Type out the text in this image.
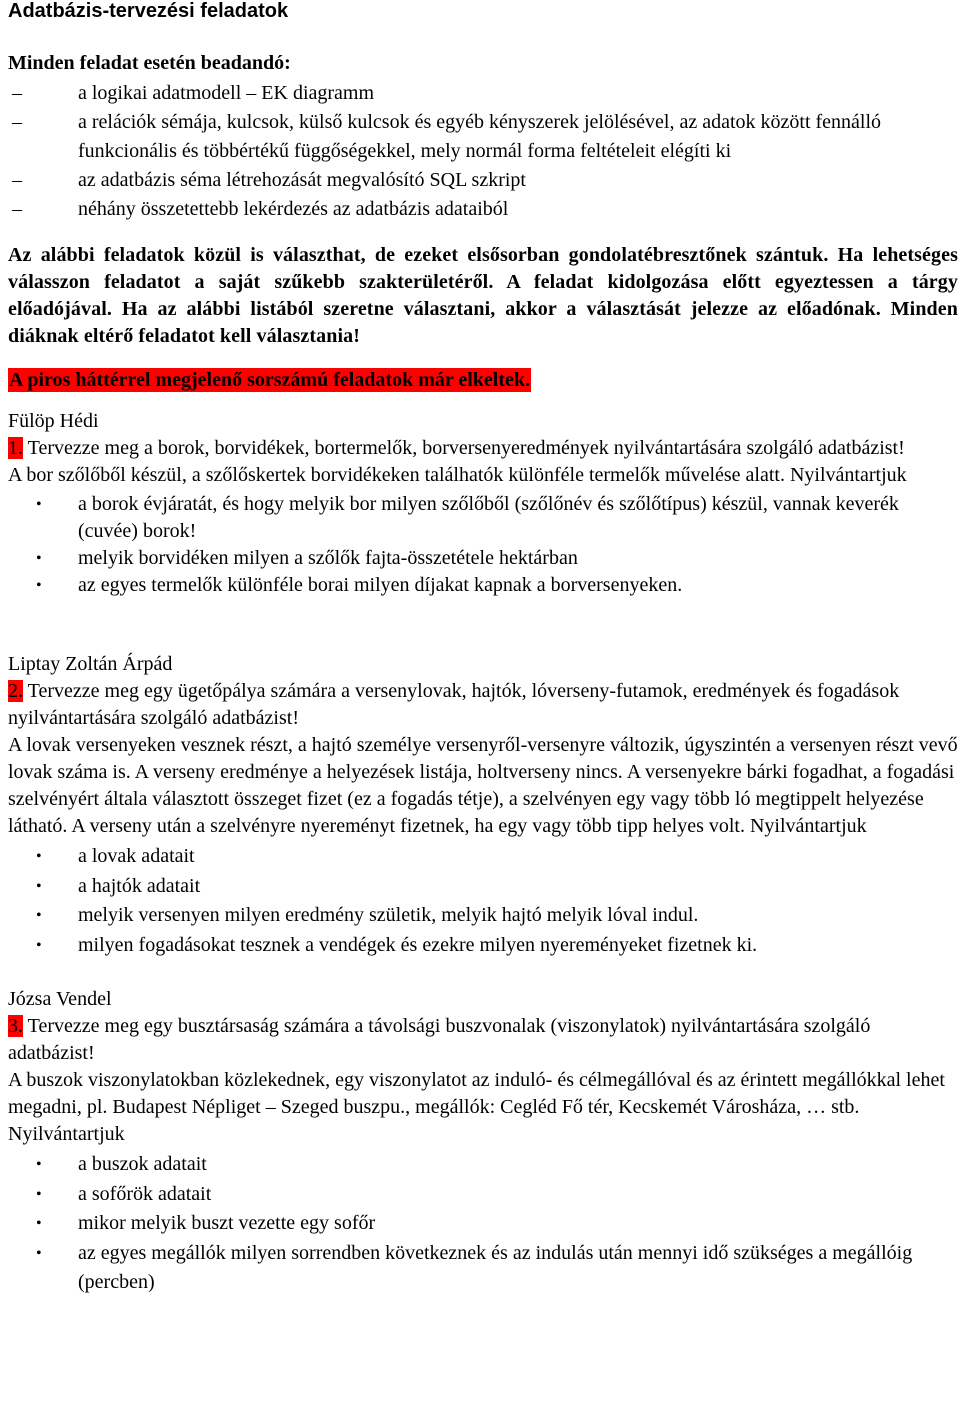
Adatbázis-tervezési feladatok
Minden feladat esetén beadandó:
–	a logikai adatmodell – EK diagramm
–	a relációk sémája, kulcsok, külső kulcsok és egyéb kényszerek jelölésével, az adatok között fennálló funkcionális és többértékű függőségekkel, mely normál forma feltételeit elégíti ki
–	az adatbázis séma létrehozását megvalósító SQL szkript
–	néhány összetettebb lekérdezés az adatbázis adataiból
Az alábbi feladatok közül is választhat, de ezeket elsősorban gondolatébresztőnek szántuk. Ha lehetséges válasszon feladatot a saját szűkebb szakterületéről. A feladat kidolgozása előtt egyeztessen a tárgy előadójával. Ha az alábbi listából szeretne választani, akkor a választását jelezze az előadónak. Minden diáknak eltérő feladatot kell választania!
A piros háttérrel megjelenő sorszámú feladatok már elkeltek.
Fülöp Hédi

1. Tervezze meg a borok, borvidékek, bortermelők, borversenyeredmények nyilvántartására szolgáló adatbázist!

A bor szőlőből készül, a szőlőskertek borvidékeken találhatók különféle termelők művelése alatt. Nyilvántartjuk

• a borok évjáratát, és hogy melyik bor milyen szőlőből (szőlőnév és szőlőtípus) készül, vannak keverék (cuvée) borok!
• melyik borvidéken milyen a szőlők fajta-összetétele hektárban
• az egyes termelők különféle borai milyen díjakat kapnak a borversenyeken.
Liptay Zoltán Árpád

2. Tervezze meg egy ügetőpálya számára a versenylovak, hajtók, lóverseny-futamok, eredmények és fogadások nyilvántartására szolgáló adatbázist!

A lovak versenyeken vesznek részt, a hajtó személye versenyről-versenyre változik, úgyszintén a versenyen részt vevő lovak száma is. A verseny eredménye a helyezések listája, holtverseny nincs. A versenyekre bárki fogadhat, a fogadási szelvényért általa választott összeget fizet (ez a fogadás tétje), a szelvényen egy vagy több ló megtippelt helyezése látható. A verseny után a szelvényre nyereményt fizetnek, ha egy vagy több tipp helyes volt. Nyilvántartjuk

• a lovak adatait
• a hajtók adatait
• melyik versenyen milyen eredmény születik, melyik hajtó melyik lóval indul.
• milyen fogadásokat tesznek a vendégek és ezekre milyen nyereményeket fizetnek ki.
Józsa Vendel

3. Tervezze meg egy busztársaság számára a távolsági buszvonalak (viszonylatok) nyilvántartására szolgáló adatbázist!

A buszok viszonylatokban közlekednek, egy viszonylatot az induló- és célmegállóval és az érintett megállókkal lehet megadni, pl. Budapest Népliget – Szeged buszpu., megállók: Cegléd Fő tér, Kecskemét Városháza, … stb. Nyilvántartjuk

• a buszok adatait
• a sofőrök adatait
• mikor melyik buszt vezette egy sofőr
• az egyes megállók milyen sorrendben következnek és az indulás után mennyi idő szükséges a megállóig (percben)
